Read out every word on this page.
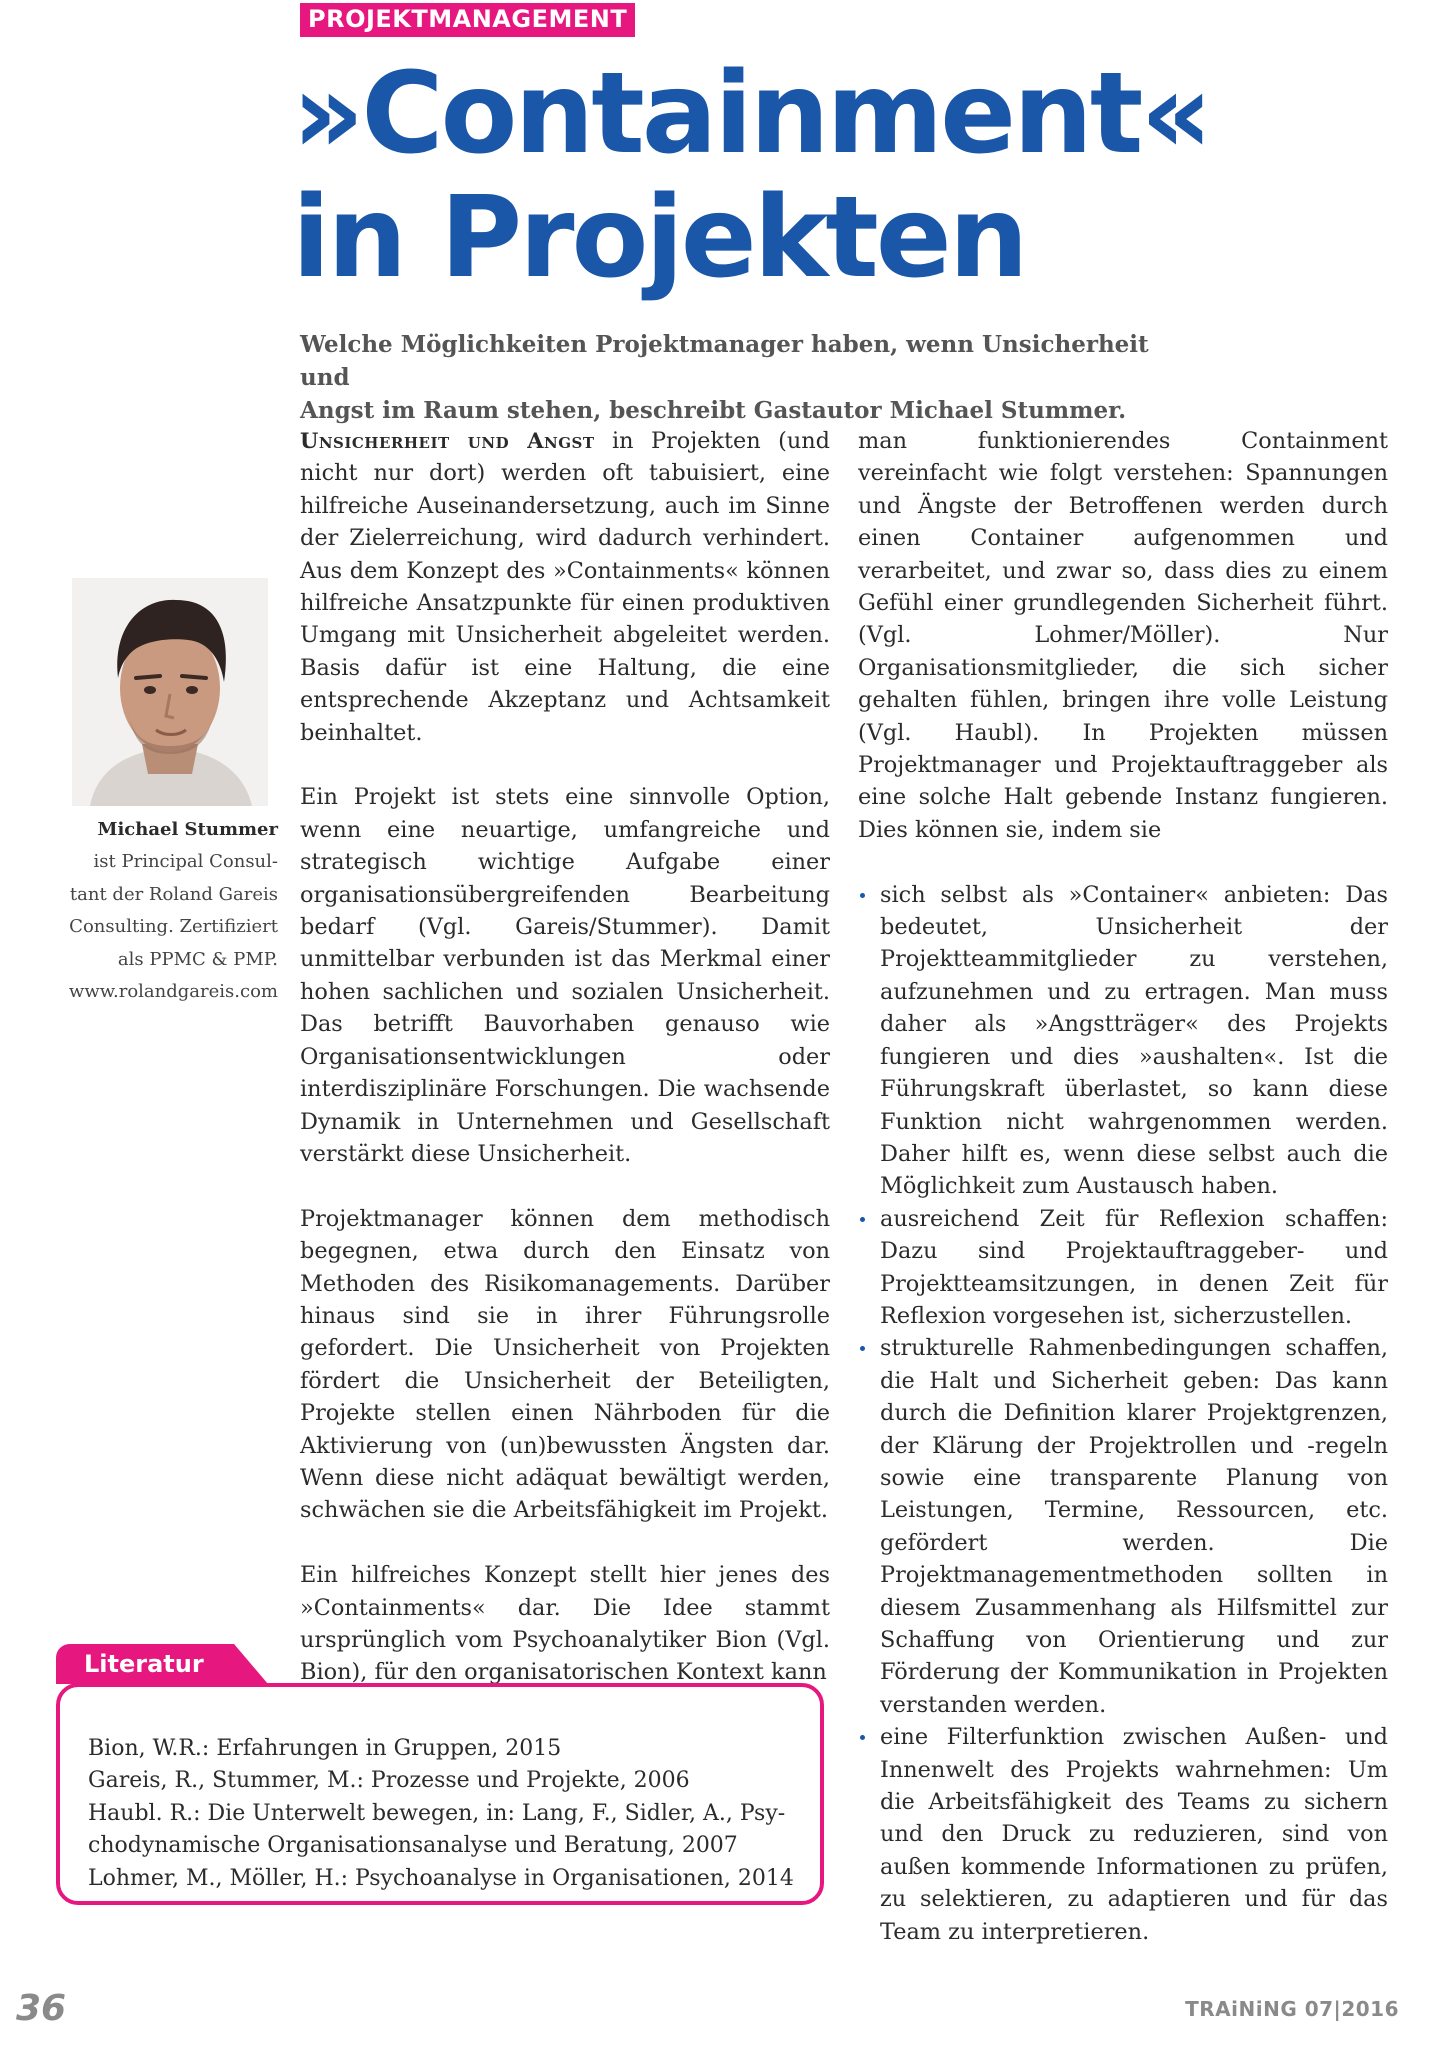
PROJEKTMANAGEMENT
»Containment«
in Projekten

Welche Möglichkeiten Projektmanager haben, wenn Unsicherheit und
Angst im Raum stehen, beschreibt Gastautor Michael Stummer.

Michael Stummer
ist Principal Consul-
tant der Roland Gareis
Consulting. Zertifiziert
als PPMC & PMP.
www.rolandgareis.com

Unsicherheit und Angst in Projekten (und nicht nur dort) werden oft tabuisiert, eine hilfreiche Auseinandersetzung, auch im Sinne der Zielerreichung, wird dadurch verhindert. Aus dem Konzept des »Containments« können hilfreiche Ansatzpunkte für einen produktiven Umgang mit Unsicherheit abgeleitet werden. Basis dafür ist eine Haltung, die eine entsprechende Akzeptanz und Achtsamkeit beinhaltet.

Ein Projekt ist stets eine sinnvolle Option, wenn eine neuartige, umfangreiche und strategisch wichtige Aufgabe einer organisationsübergreifenden Bearbeitung bedarf (Vgl. Gareis/Stummer). Damit unmittelbar verbunden ist das Merkmal einer hohen sachlichen und sozialen Unsicherheit. Das betrifft Bauvorhaben genauso wie Organisationsentwicklungen oder interdisziplinäre Forschungen. Die wachsende Dynamik in Unternehmen und Gesellschaft verstärkt diese Unsicherheit.

Projektmanager können dem methodisch begegnen, etwa durch den Einsatz von Methoden des Risikomanagements. Darüber hinaus sind sie in ihrer Führungsrolle gefordert. Die Unsicherheit von Projekten fördert die Unsicherheit der Beteiligten, Projekte stellen einen Nährboden für die Aktivierung von (un)bewussten Ängsten dar. Wenn diese nicht adäquat bewältigt werden, schwächen sie die Arbeitsfähigkeit im Projekt.

Ein hilfreiches Konzept stellt hier jenes des »Containments« dar. Die Idee stammt ursprünglich vom Psychoanalytiker Bion (Vgl. Bion), für den organisatorischen Kontext kann

man funktionierendes Containment vereinfacht wie folgt verstehen: Spannungen und Ängste der Betroffenen werden durch einen Container aufgenommen und verarbeitet, und zwar so, dass dies zu einem Gefühl einer grundlegenden Sicherheit führt. (Vgl. Lohmer/Möller). Nur Organisationsmitglieder, die sich sicher gehalten fühlen, bringen ihre volle Leistung (Vgl. Haubl). In Projekten müssen Projektmanager und Projektauftraggeber als eine solche Halt gebende Instanz fungieren. Dies können sie, indem sie

sich selbst als »Container« anbieten: Das bedeutet, Unsicherheit der Projektteammitglieder zu verstehen, aufzunehmen und zu ertragen. Man muss daher als »Angstträger« des Projekts fungieren und dies »aushalten«. Ist die Führungskraft überlastet, so kann diese Funktion nicht wahrgenommen werden. Daher hilft es, wenn diese selbst auch die Möglichkeit zum Austausch haben.
ausreichend Zeit für Reflexion schaffen: Dazu sind Projektauftraggeber- und Projektteamsitzungen, in denen Zeit für Reflexion vorgesehen ist, sicherzustellen.
strukturelle Rahmenbedingungen schaffen, die Halt und Sicherheit geben: Das kann durch die Definition klarer Projektgrenzen, der Klärung der Projektrollen und -regeln sowie eine transparente Planung von Leistungen, Termine, Ressourcen, etc. gefördert werden. Die Projektmanagementmethoden sollten in diesem Zusammenhang als Hilfsmittel zur Schaffung von Orientierung und zur Förderung der Kommunikation in Projekten verstanden werden.
eine Filterfunktion zwischen Außen- und Innenwelt des Projekts wahrnehmen: Um die Arbeitsfähigkeit des Teams zu sichern und den Druck zu reduzieren, sind von außen kommende Informationen zu prüfen, zu selektieren, zu adaptieren und für das Team zu interpretieren.
Literatur
Bion, W.R.: Erfahrungen in Gruppen, 2015
Gareis, R., Stummer, M.: Prozesse und Projekte, 2006
Haubl. R.: Die Unterwelt bewegen, in: Lang, F., Sidler, A., Psy-
chodynamische Organisationsanalyse und Beratung, 2007
Lohmer, M., Möller, H.: Psychoanalyse in Organisationen, 2014
36	TRAiNiNG 07|2016
